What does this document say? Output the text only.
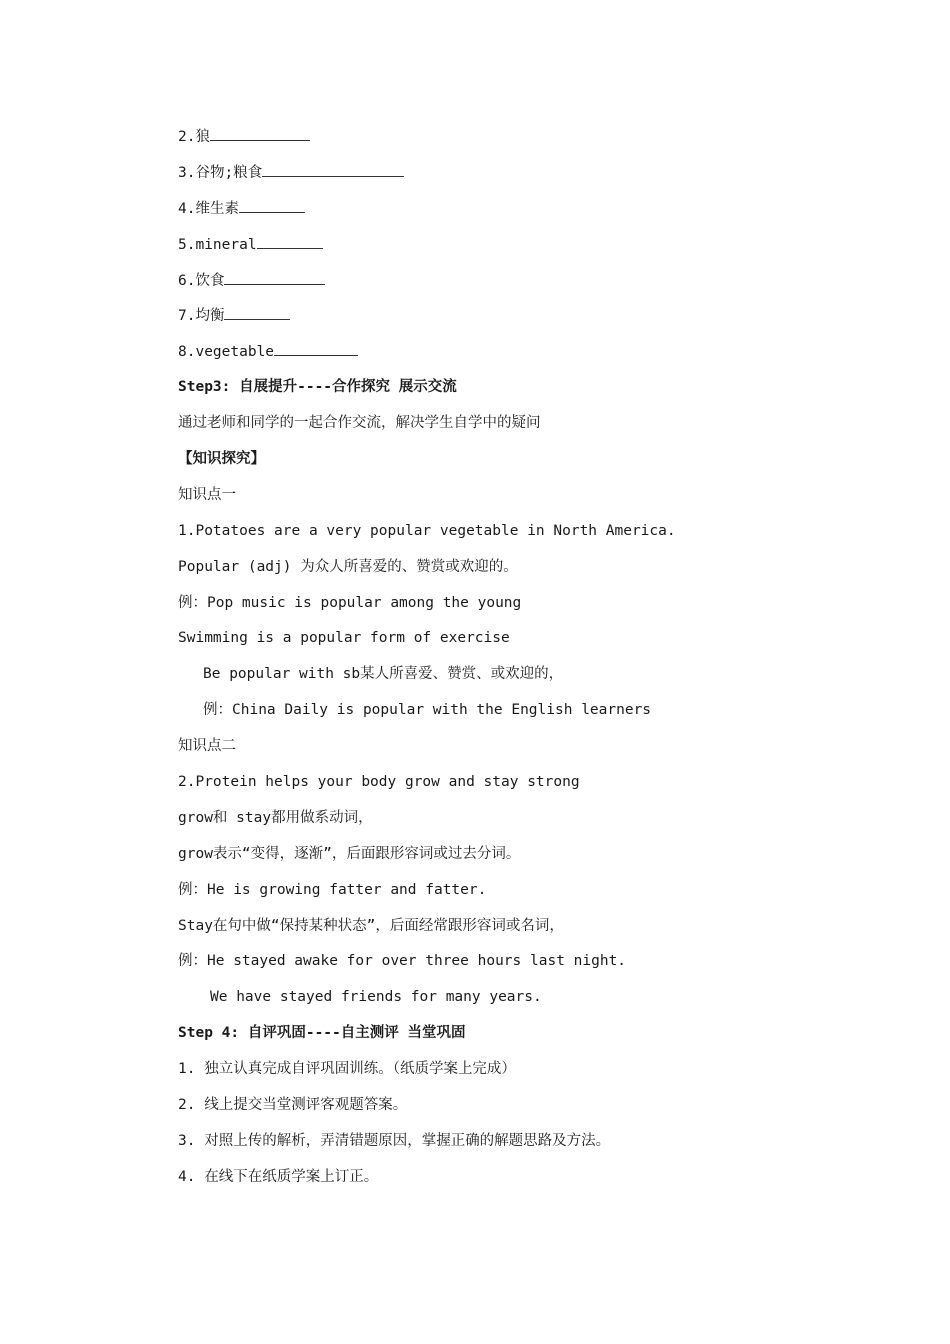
2.狼
3.谷物;粮食
4.维生素
5.mineral
6.饮食
7.均衡
8.vegetable
Step3: 自展提升----合作探究 展示交流
通过老师和同学的一起合作交流，解决学生自学中的疑问
【知识探究】
知识点一
1.Potatoes are a very popular vegetable in North America.
Popular (adj) 为众人所喜爱的、赞赏或欢迎的。
例：Pop music is popular among the young
Swimming is a popular form of exercise
Be popular with sb某人所喜爱、赞赏、或欢迎的，
例：China Daily is popular with the English learners
知识点二
2.Protein helps your body grow and stay strong
grow和 stay都用做系动词，
grow表示“变得，逐渐”，后面跟形容词或过去分词。
例：He is growing fatter and fatter.
Stay在句中做“保持某种状态”，后面经常跟形容词或名词，
例：He stayed awake for over three hours last night.
We have stayed friends for many years.
Step 4: 自评巩固----自主测评 当堂巩固
1. 独立认真完成自评巩固训练。（纸质学案上完成）
2. 线上提交当堂测评客观题答案。
3. 对照上传的解析，弄清错题原因，掌握正确的解题思路及方法。
4. 在线下在纸质学案上订正。
